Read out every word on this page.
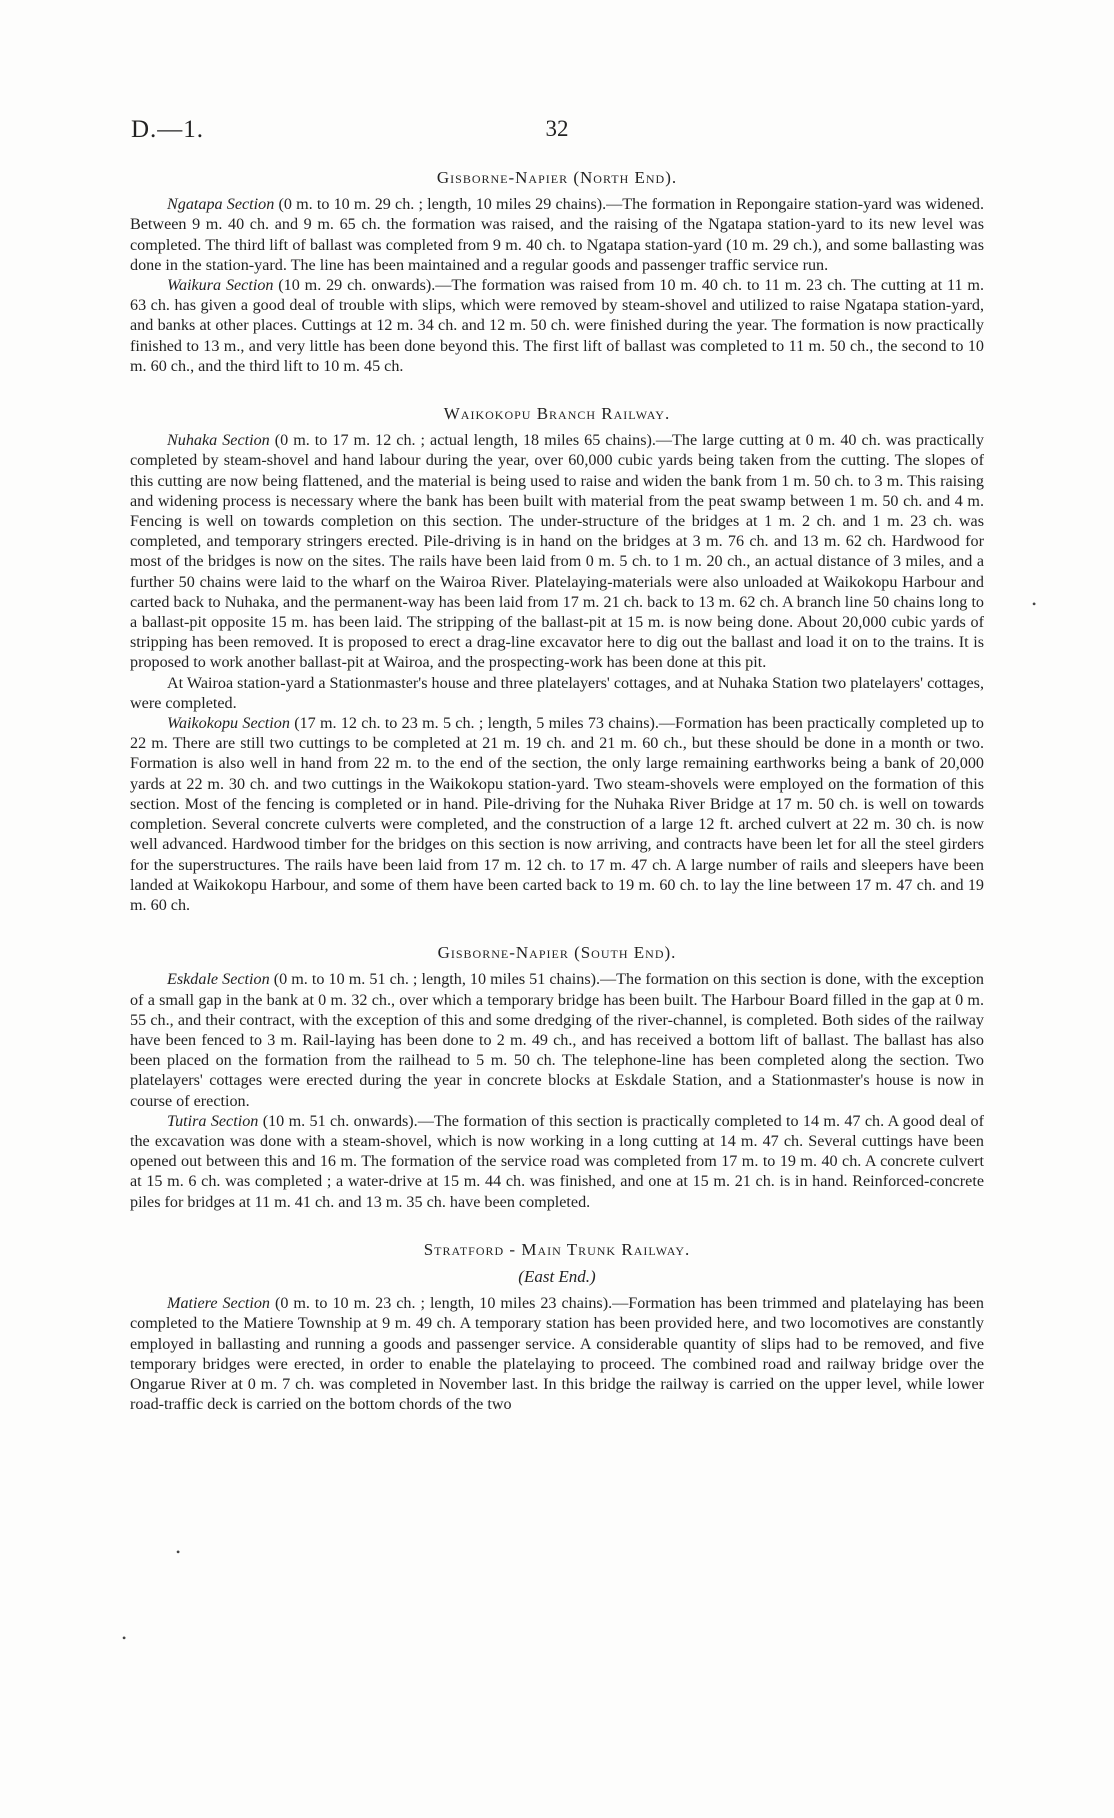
D.—1.	32
Gisborne-Napier (North End).

Ngatapa Section (0 m. to 10 m. 29 ch. ; length, 10 miles 29 chains).—The formation in Repongaire station-yard was widened. Between 9 m. 40 ch. and 9 m. 65 ch. the formation was raised, and the raising of the Ngatapa station-yard to its new level was completed. The third lift of ballast was completed from 9 m. 40 ch. to Ngatapa station-yard (10 m. 29 ch.), and some ballasting was done in the station-yard. The line has been maintained and a regular goods and passenger traffic service run.

Waikura Section (10 m. 29 ch. onwards).—The formation was raised from 10 m. 40 ch. to 11 m. 23 ch. The cutting at 11 m. 63 ch. has given a good deal of trouble with slips, which were removed by steam-shovel and utilized to raise Ngatapa station-yard, and banks at other places. Cuttings at 12 m. 34 ch. and 12 m. 50 ch. were finished during the year. The formation is now practically finished to 13 m., and very little has been done beyond this. The first lift of ballast was completed to 11 m. 50 ch., the second to 10 m. 60 ch., and the third lift to 10 m. 45 ch.

Waikokopu Branch Railway.

Nuhaka Section (0 m. to 17 m. 12 ch. ; actual length, 18 miles 65 chains).—The large cutting at 0 m. 40 ch. was practically completed by steam-shovel and hand labour during the year, over 60,000 cubic yards being taken from the cutting. The slopes of this cutting are now being flattened, and the material is being used to raise and widen the bank from 1 m. 50 ch. to 3 m. This raising and widening process is necessary where the bank has been built with material from the peat swamp between 1 m. 50 ch. and 4 m. Fencing is well on towards completion on this section. The under-structure of the bridges at 1 m. 2 ch. and 1 m. 23 ch. was completed, and temporary stringers erected. Pile-driving is in hand on the bridges at 3 m. 76 ch. and 13 m. 62 ch. Hardwood for most of the bridges is now on the sites. The rails have been laid from 0 m. 5 ch. to 1 m. 20 ch., an actual distance of 3 miles, and a further 50 chains were laid to the wharf on the Wairoa River. Platelaying-materials were also unloaded at Waikokopu Harbour and carted back to Nuhaka, and the permanent-way has been laid from 17 m. 21 ch. back to 13 m. 62 ch. A branch line 50 chains long to a ballast-pit opposite 15 m. has been laid. The stripping of the ballast-pit at 15 m. is now being done. About 20,000 cubic yards of stripping has been removed. It is proposed to erect a drag-line excavator here to dig out the ballast and load it on to the trains. It is proposed to work another ballast-pit at Wairoa, and the prospecting-work has been done at this pit.

At Wairoa station-yard a Stationmaster's house and three platelayers' cottages, and at Nuhaka Station two platelayers' cottages, were completed.

Waikokopu Section (17 m. 12 ch. to 23 m. 5 ch. ; length, 5 miles 73 chains).—Formation has been practically completed up to 22 m. There are still two cuttings to be completed at 21 m. 19 ch. and 21 m. 60 ch., but these should be done in a month or two. Formation is also well in hand from 22 m. to the end of the section, the only large remaining earthworks being a bank of 20,000 yards at 22 m. 30 ch. and two cuttings in the Waikokopu station-yard. Two steam-shovels were employed on the formation of this section. Most of the fencing is completed or in hand. Pile-driving for the Nuhaka River Bridge at 17 m. 50 ch. is well on towards completion. Several concrete culverts were completed, and the construction of a large 12 ft. arched culvert at 22 m. 30 ch. is now well advanced. Hardwood timber for the bridges on this section is now arriving, and contracts have been let for all the steel girders for the superstructures. The rails have been laid from 17 m. 12 ch. to 17 m. 47 ch. A large number of rails and sleepers have been landed at Waikokopu Harbour, and some of them have been carted back to 19 m. 60 ch. to lay the line between 17 m. 47 ch. and 19 m. 60 ch.

Gisborne-Napier (South End).

Eskdale Section (0 m. to 10 m. 51 ch. ; length, 10 miles 51 chains).—The formation on this section is done, with the exception of a small gap in the bank at 0 m. 32 ch., over which a temporary bridge has been built. The Harbour Board filled in the gap at 0 m. 55 ch., and their contract, with the exception of this and some dredging of the river-channel, is completed. Both sides of the railway have been fenced to 3 m. Rail-laying has been done to 2 m. 49 ch., and has received a bottom lift of ballast. The ballast has also been placed on the formation from the railhead to 5 m. 50 ch. The telephone-line has been completed along the section. Two platelayers' cottages were erected during the year in concrete blocks at Eskdale Station, and a Stationmaster's house is now in course of erection.

Tutira Section (10 m. 51 ch. onwards).—The formation of this section is practically completed to 14 m. 47 ch. A good deal of the excavation was done with a steam-shovel, which is now working in a long cutting at 14 m. 47 ch. Several cuttings have been opened out between this and 16 m. The formation of the service road was completed from 17 m. to 19 m. 40 ch. A concrete culvert at 15 m. 6 ch. was completed ; a water-drive at 15 m. 44 ch. was finished, and one at 15 m. 21 ch. is in hand. Reinforced-concrete piles for bridges at 11 m. 41 ch. and 13 m. 35 ch. have been completed.

Stratford - Main Trunk Railway.
(East End.)

Matiere Section (0 m. to 10 m. 23 ch. ; length, 10 miles 23 chains).—Formation has been trimmed and platelaying has been completed to the Matiere Township at 9 m. 49 ch. A temporary station has been provided here, and two locomotives are constantly employed in ballasting and running a goods and passenger service. A considerable quantity of slips had to be removed, and five temporary bridges were erected, in order to enable the platelaying to proceed. The combined road and railway bridge over the Ongarue River at 0 m. 7 ch. was completed in November last. In this bridge the railway is carried on the upper level, while lower road-traffic deck is carried on the bottom chords of the two

•
•
•
